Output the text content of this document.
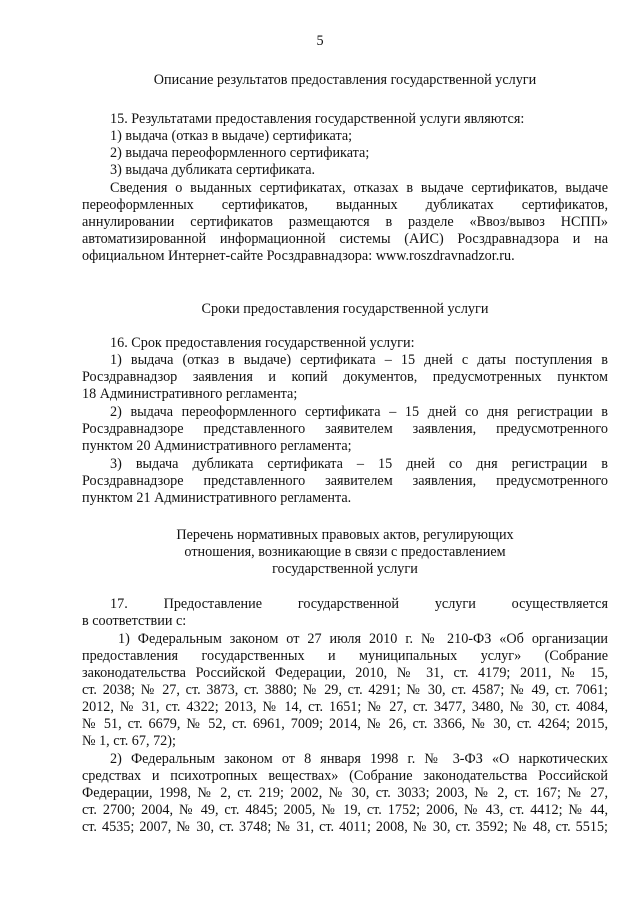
5
Описание результатов предоставления государственной услуги
15. Результатами предоставления государственной услуги являются:
1) выдача (отказ в выдаче) сертификата;
2) выдача переоформленного сертификата;
3) выдача дубликата сертификата.
Сведения о выданных сертификатах, отказах в выдаче сертификатов, выдаче
переоформленных сертификатов, выданных дубликатах сертификатов,
аннулировании сертификатов размещаются в разделе «Ввоз/вывоз НСПП»
автоматизированной информационной системы (АИС) Росздравнадзора и на
официальном Интернет-сайте Росздравнадзора: www.roszdravnadzor.ru.
Сроки предоставления государственной услуги
16. Срок предоставления государственной услуги:
1) выдача (отказ в выдаче) сертификата – 15 дней с даты поступления в
Росздравнадзор заявления и копий документов, предусмотренных пунктом
18 Административного регламента;
2) выдача переоформленного сертификата – 15 дней со дня регистрации в
Росздравнадзоре представленного заявителем заявления, предусмотренного
пунктом 20 Административного регламента;
3) выдача дубликата сертификата – 15 дней со дня регистрации в
Росздравнадзоре представленного заявителем заявления, предусмотренного
пунктом 21 Административного регламента.
Перечень нормативных правовых актов, регулирующих
отношения, возникающие в связи с предоставлением
государственной услуги
17. Предоставление государственной услуги осуществляется
в соответствии с:
1) Федеральным законом от 27 июля 2010 г. № 210-ФЗ «Об организации
предоставления государственных и муниципальных услуг» (Собрание
законодательства Российской Федерации, 2010, № 31, ст. 4179; 2011, № 15,
ст. 2038; № 27, ст. 3873, ст. 3880; № 29, ст. 4291; № 30, ст. 4587; № 49, ст. 7061;
2012, № 31, ст. 4322; 2013, № 14, ст. 1651; № 27, ст. 3477, 3480, № 30, ст. 4084,
№ 51, ст. 6679, № 52, ст. 6961, 7009; 2014, № 26, ст. 3366, № 30, ст. 4264; 2015,
№ 1, ст. 67, 72);
2) Федеральным законом от 8 января 1998 г. № 3-ФЗ «О наркотических
средствах и психотропных веществах» (Собрание законодательства Российской
Федерации, 1998, № 2, ст. 219; 2002, № 30, ст. 3033; 2003, № 2, ст. 167; № 27,
ст. 2700; 2004, № 49, ст. 4845; 2005, № 19, ст. 1752; 2006, № 43, ст. 4412; № 44,
ст. 4535; 2007, № 30, ст. 3748; № 31, ст. 4011; 2008, № 30, ст. 3592; № 48, ст. 5515;
